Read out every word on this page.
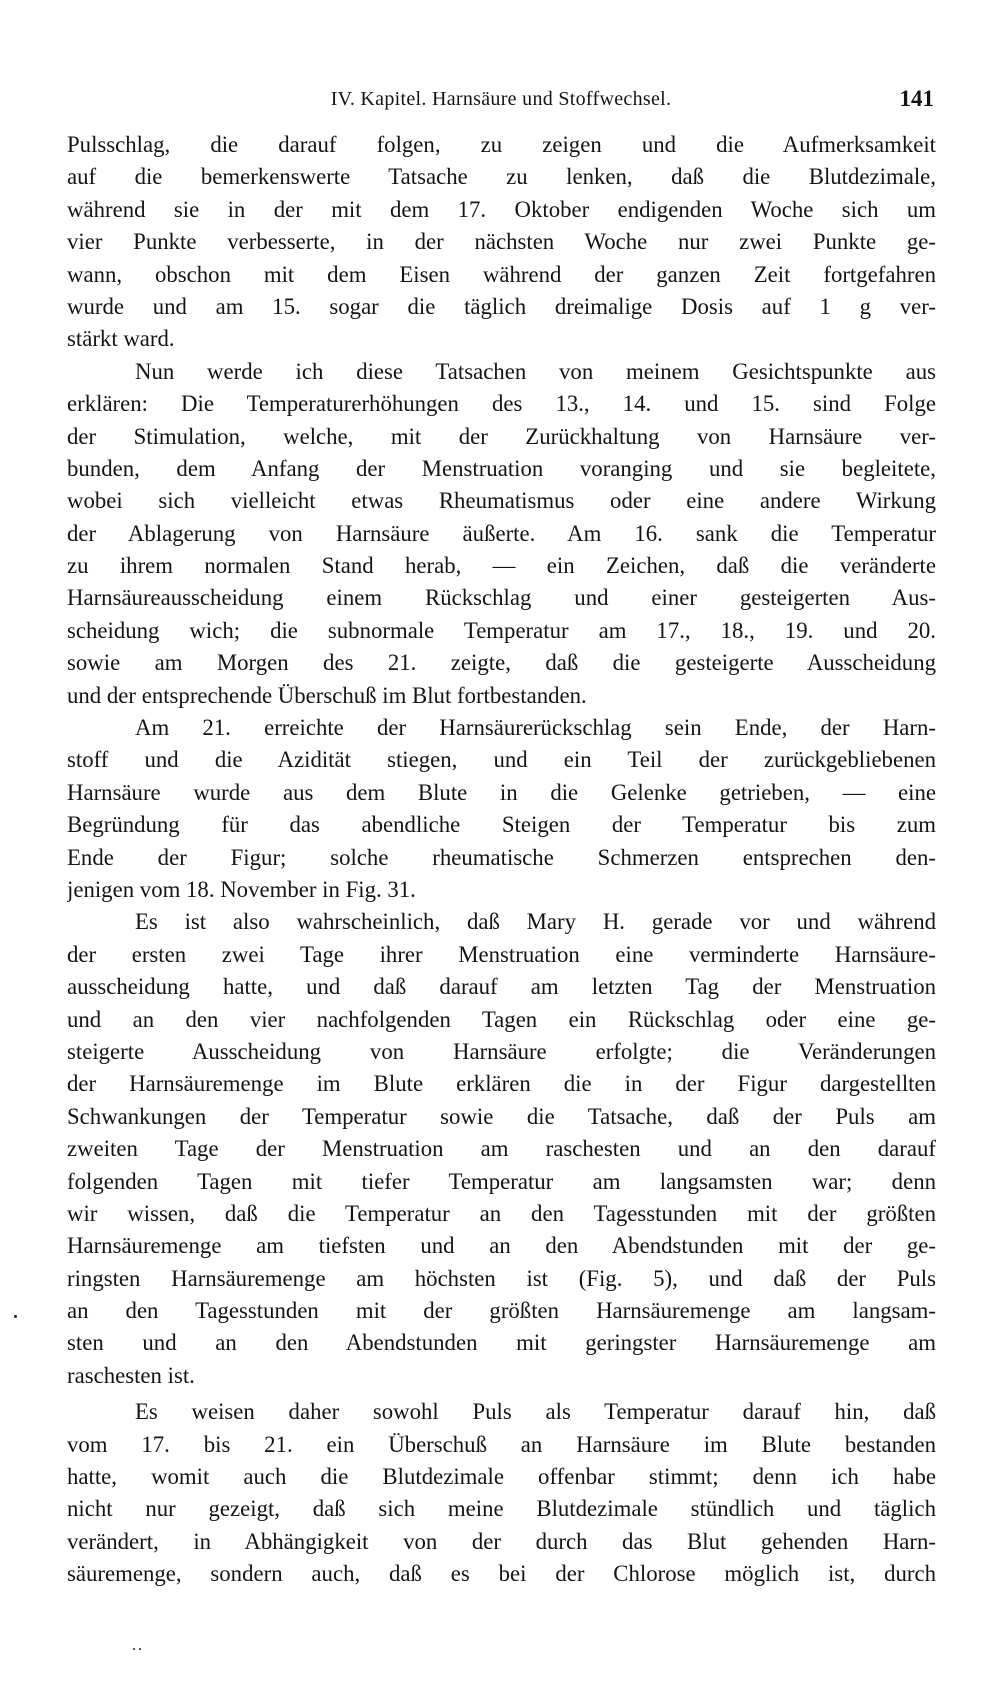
IV. Kapitel. Harnsäure und Stoffwechsel.	141
Pulsschlag, die darauf folgen, zu zeigen und die Aufmerksamkeit
auf die bemerkenswerte Tatsache zu lenken, daß die Blutdezimale,
während sie in der mit dem 17. Oktober endigenden Woche sich um
vier Punkte verbesserte, in der nächsten Woche nur zwei Punkte ge-
wann, obschon mit dem Eisen während der ganzen Zeit fortgefahren
wurde und am 15. sogar die täglich dreimalige Dosis auf 1 g ver-
stärkt ward.
Nun werde ich diese Tatsachen von meinem Gesichtspunkte aus
erklären: Die Temperaturerhöhungen des 13., 14. und 15. sind Folge
der Stimulation, welche, mit der Zurückhaltung von Harnsäure ver-
bunden, dem Anfang der Menstruation voranging und sie begleitete,
wobei sich vielleicht etwas Rheumatismus oder eine andere Wirkung
der Ablagerung von Harnsäure äußerte. Am 16. sank die Temperatur
zu ihrem normalen Stand herab, — ein Zeichen, daß die veränderte
Harnsäureausscheidung einem Rückschlag und einer gesteigerten Aus-
scheidung wich; die subnormale Temperatur am 17., 18., 19. und 20.
sowie am Morgen des 21. zeigte, daß die gesteigerte Ausscheidung
und der entsprechende Überschuß im Blut fortbestanden.
Am 21. erreichte der Harnsäurerückschlag sein Ende, der Harn-
stoff und die Azidität stiegen, und ein Teil der zurückgebliebenen
Harnsäure wurde aus dem Blute in die Gelenke getrieben, — eine
Begründung für das abendliche Steigen der Temperatur bis zum
Ende der Figur; solche rheumatische Schmerzen entsprechen den-
jenigen vom 18. November in Fig. 31.
Es ist also wahrscheinlich, daß Mary H. gerade vor und während
der ersten zwei Tage ihrer Menstruation eine verminderte Harnsäure-
ausscheidung hatte, und daß darauf am letzten Tag der Menstruation
und an den vier nachfolgenden Tagen ein Rückschlag oder eine ge-
steigerte Ausscheidung von Harnsäure erfolgte; die Veränderungen
der Harnsäuremenge im Blute erklären die in der Figur dargestellten
Schwankungen der Temperatur sowie die Tatsache, daß der Puls am
zweiten Tage der Menstruation am raschesten und an den darauf
folgenden Tagen mit tiefer Temperatur am langsamsten war; denn
wir wissen, daß die Temperatur an den Tagesstunden mit der größten
Harnsäuremenge am tiefsten und an den Abendstunden mit der ge-
ringsten Harnsäuremenge am höchsten ist (Fig. 5), und daß der Puls
an den Tagesstunden mit der größten Harnsäuremenge am langsam-
sten und an den Abendstunden mit geringster Harnsäuremenge am
raschesten ist.
Es weisen daher sowohl Puls als Temperatur darauf hin, daß
vom 17. bis 21. ein Überschuß an Harnsäure im Blute bestanden
hatte, womit auch die Blutdezimale offenbar stimmt; denn ich habe
nicht nur gezeigt, daß sich meine Blutdezimale stündlich und täglich
verändert, in Abhängigkeit von der durch das Blut gehenden Harn-
säuremenge, sondern auch, daß es bei der Chlorose möglich ist, durch
